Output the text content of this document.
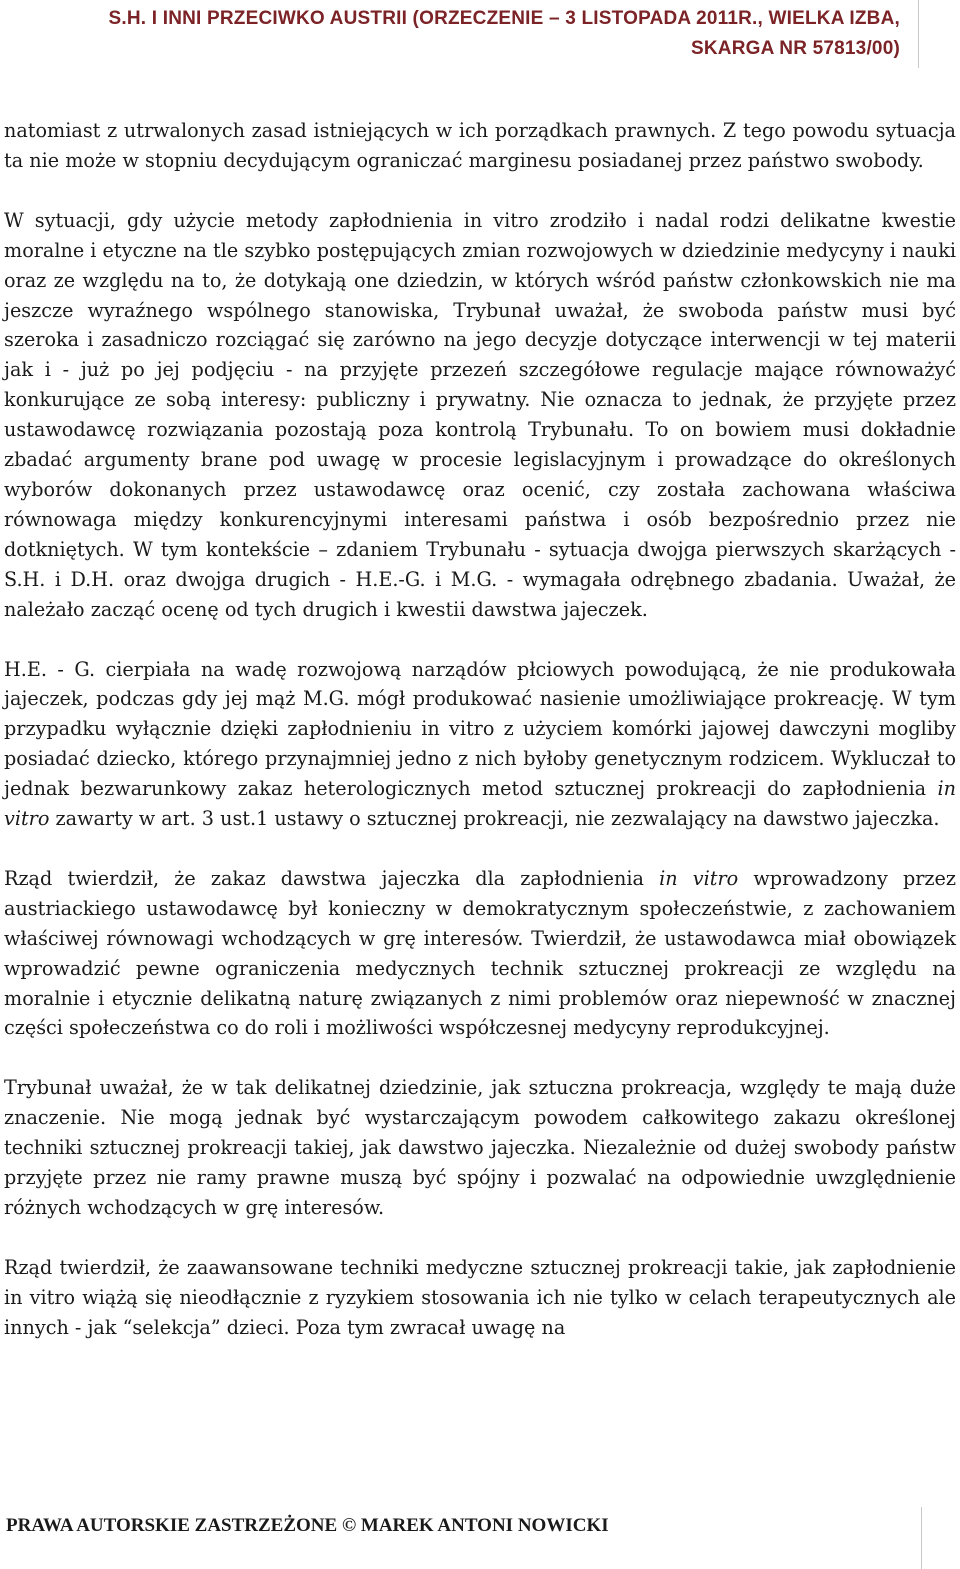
S.H. I INNI PRZECIWKO AUSTRII (ORZECZENIE – 3 LISTOPADA 2011R., WIELKA IZBA,
SKARGA NR 57813/00)

natomiast z utrwalonych zasad istniejących w ich porządkach prawnych. Z tego powodu sytuacja ta nie może w stopniu decydującym ograniczać marginesu posiadanej przez państwo swobody.

W sytuacji, gdy użycie metody zapłodnienia in vitro zrodziło i nadal rodzi delikatne kwestie moralne i etyczne na tle szybko postępujących zmian rozwojowych w dziedzinie medycyny i nauki oraz ze względu na to, że dotykają one dziedzin, w których wśród państw członkowskich nie ma jeszcze wyraźnego wspólnego stanowiska, Trybunał uważał, że swoboda państw musi być szeroka i zasadniczo rozciągać się zarówno na jego decyzje dotyczące interwencji w tej materii jak i - już po jej podjęciu - na przyjęte przezeń szczegółowe regulacje mające równoważyć konkurujące ze sobą interesy: publiczny i prywatny. Nie oznacza to jednak, że przyjęte przez ustawodawcę rozwiązania pozostają poza kontrolą Trybunału. To on bowiem musi dokładnie zbadać argumenty brane pod uwagę w procesie legislacyjnym i prowadzące do określonych wyborów dokonanych przez ustawodawcę oraz ocenić, czy została zachowana właściwa równowaga między konkurencyjnymi interesami państwa i osób bezpośrednio przez nie dotkniętych. W tym kontekście – zdaniem Trybunału - sytuacja dwojga pierwszych skarżących - S.H. i D.H. oraz dwojga drugich - H.E.-G. i M.G. - wymagała odrębnego zbadania. Uważał, że należało zacząć ocenę od tych drugich i kwestii dawstwa jajeczek.

H.E. - G. cierpiała na wadę rozwojową narządów płciowych powodującą, że nie produkowała jajeczek, podczas gdy jej mąż M.G. mógł produkować nasienie umożliwiające prokreację. W tym przypadku wyłącznie dzięki zapłodnieniu in vitro z użyciem komórki jajowej dawczyni mogliby posiadać dziecko, którego przynajmniej jedno z nich byłoby genetycznym rodzicem. Wykluczał to jednak bezwarunkowy zakaz heterologicznych metod sztucznej prokreacji do zapłodnienia in vitro zawarty w art. 3 ust.1 ustawy o sztucznej prokreacji, nie zezwalający na dawstwo jajeczka.

Rząd twierdził, że zakaz dawstwa jajeczka dla zapłodnienia in vitro wprowadzony przez austriackiego ustawodawcę był konieczny w demokratycznym społeczeństwie, z zachowaniem właściwej równowagi wchodzących w grę interesów. Twierdził, że ustawodawca miał obowiązek wprowadzić pewne ograniczenia medycznych technik sztucznej prokreacji ze względu na moralnie i etycznie delikatną naturę związanych z nimi problemów oraz niepewność w znacznej części społeczeństwa co do roli i możliwości współczesnej medycyny reprodukcyjnej.

Trybunał uważał, że w tak delikatnej dziedzinie, jak sztuczna prokreacja, względy te mają duże znaczenie. Nie mogą jednak być wystarczającym powodem całkowitego zakazu określonej techniki sztucznej prokreacji takiej, jak dawstwo jajeczka. Niezależnie od dużej swobody państw przyjęte przez nie ramy prawne muszą być spójny i pozwalać na odpowiednie uwzględnienie różnych wchodzących w grę interesów.

Rząd twierdził, że zaawansowane techniki medyczne sztucznej prokreacji takie, jak zapłodnienie in vitro wiążą się nieodłącznie z ryzykiem stosowania ich nie tylko w celach terapeutycznych ale innych - jak “selekcja” dzieci. Poza tym zwracał uwagę na

PRAWA AUTORSKIE ZASTRZEŻONE © MAREK ANTONI NOWICKI
